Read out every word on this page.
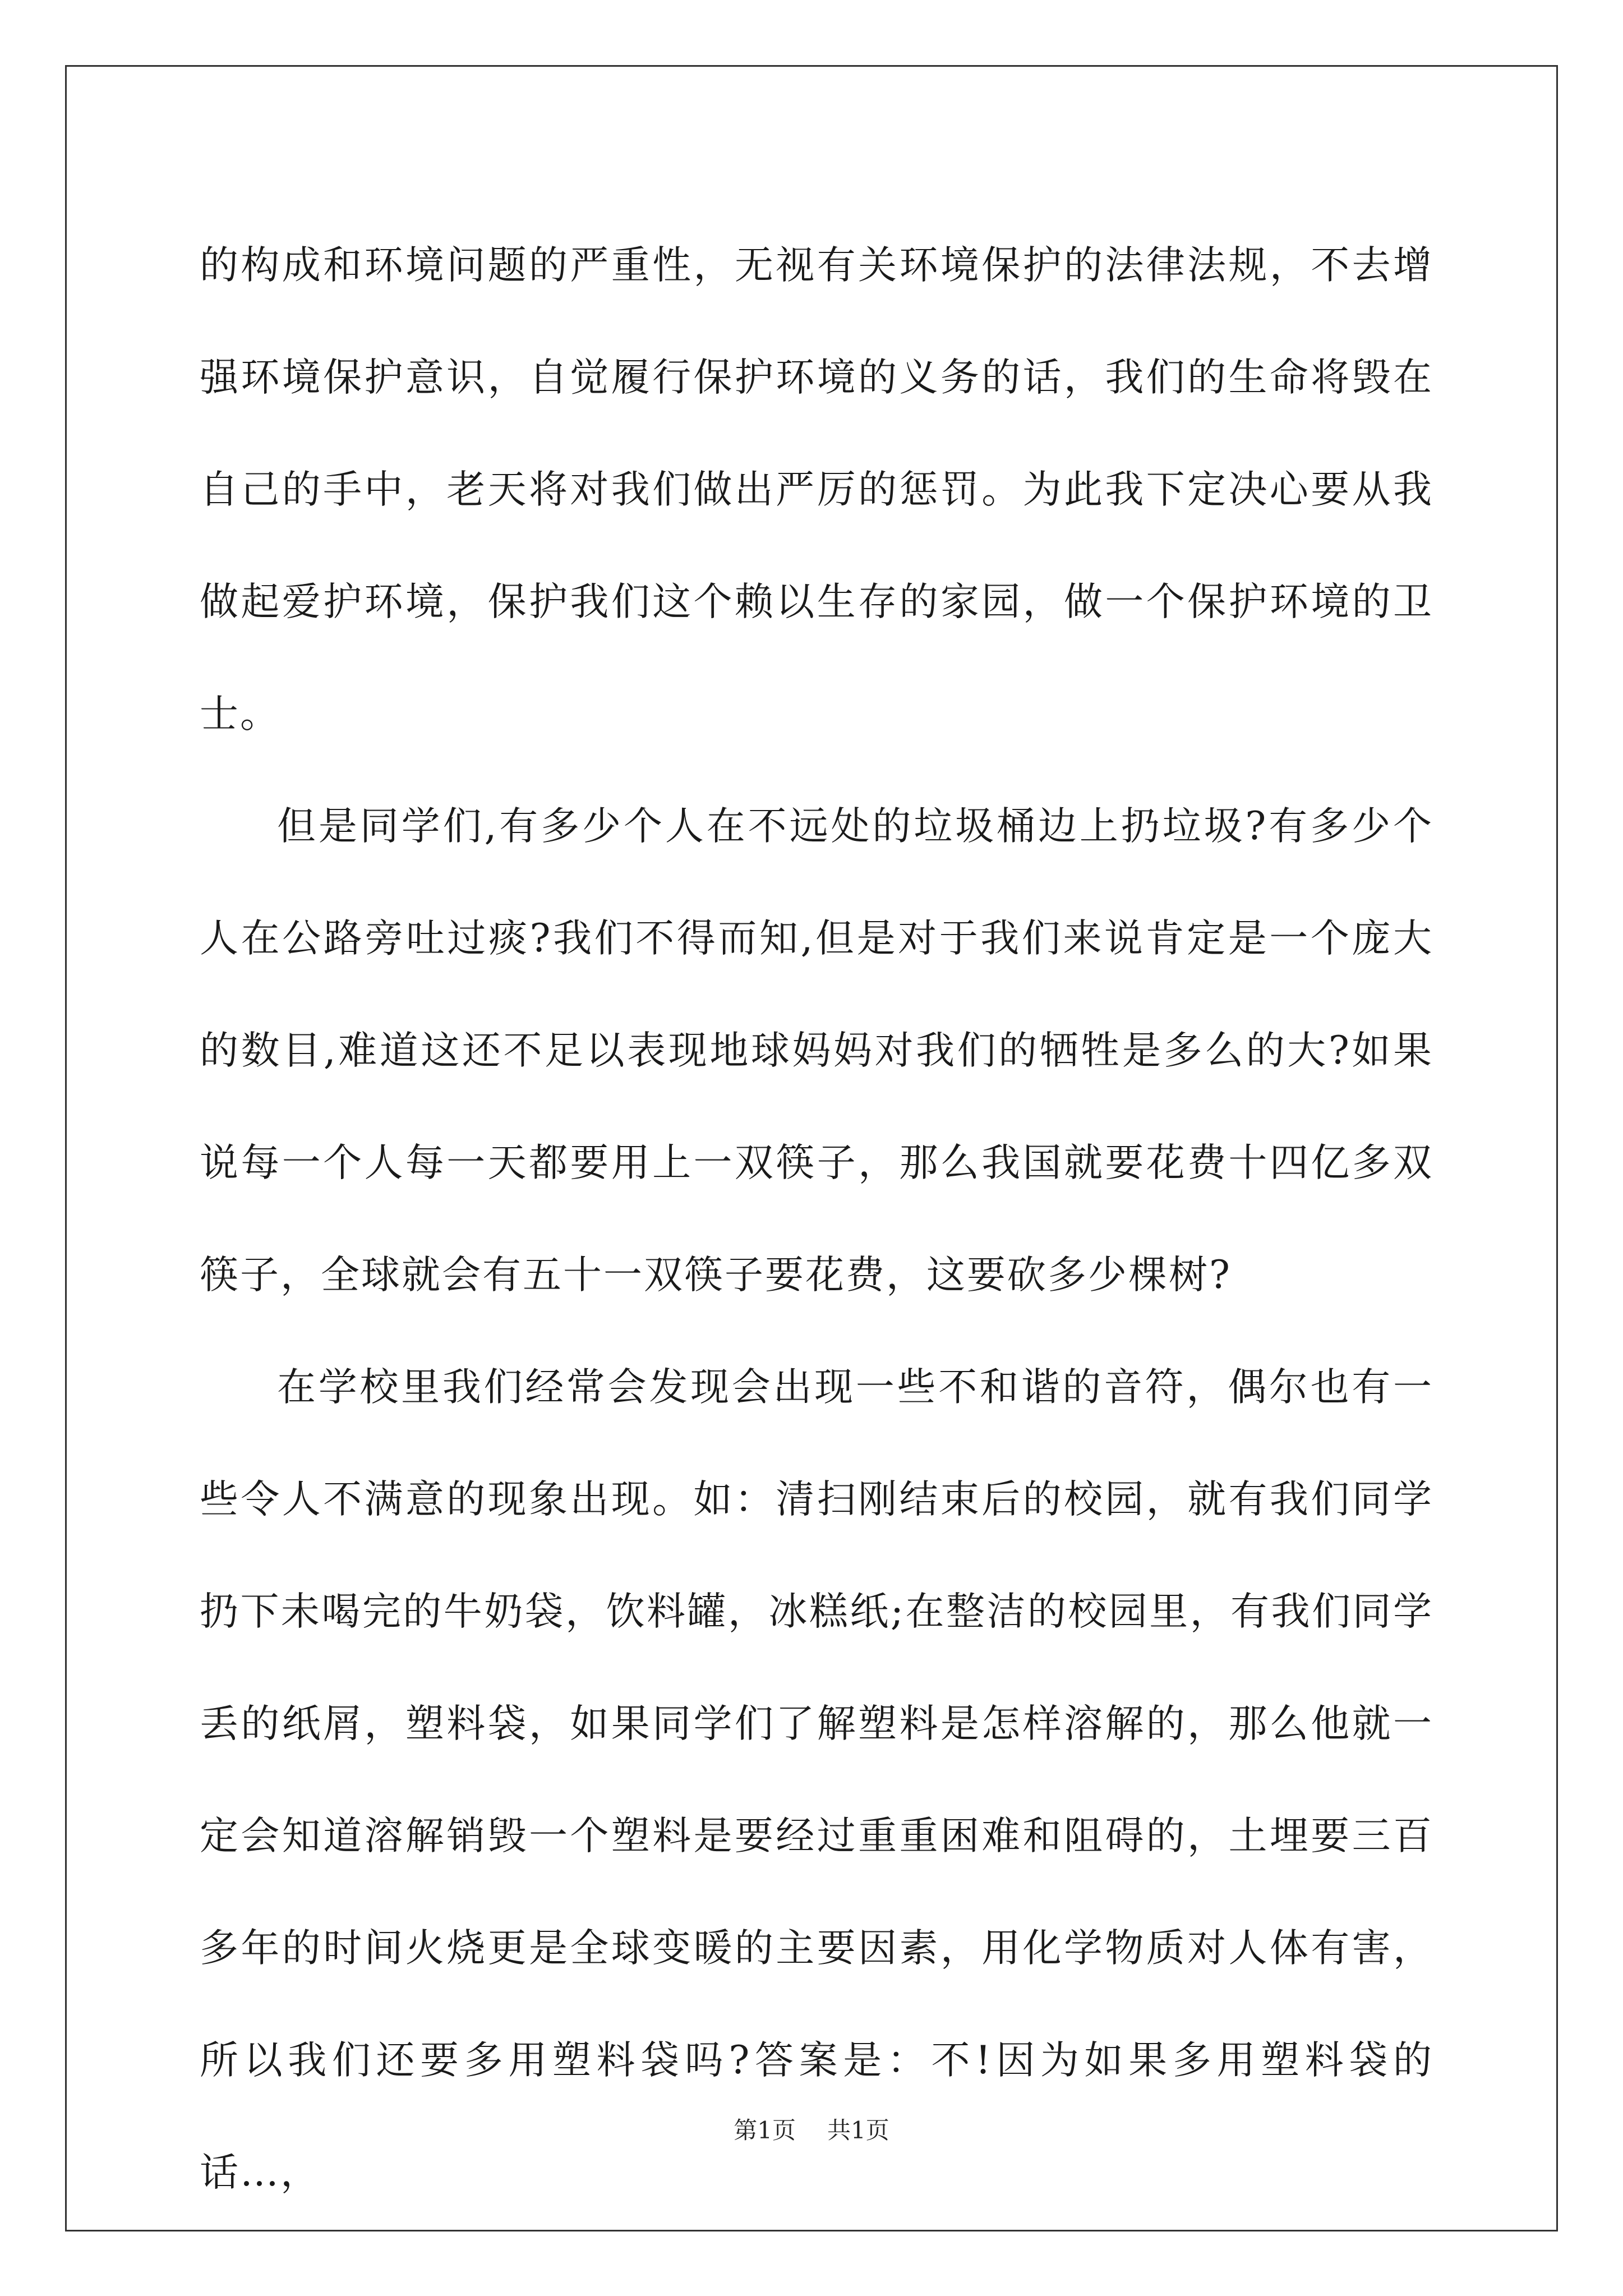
的构成和环境问题的严重性，无视有关环境保护的法律法规，不去增强环境保护意识，自觉履行保护环境的义务的话，我们的生命将毁在自己的手中，老天将对我们做出严厉的惩罚。为此我下定决心要从我做起爱护环境，保护我们这个赖以生存的家园，做一个保护环境的卫士。

但是同学们,有多少个人在不远处的垃圾桶边上扔垃圾?有多少个人在公路旁吐过痰?我们不得而知,但是对于我们来说肯定是一个庞大的数目,难道这还不足以表现地球妈妈对我们的牺牲是多么的大?如果说每一个人每一天都要用上一双筷子，那么我国就要花费十四亿多双筷子，全球就会有五十一双筷子要花费，这要砍多少棵树?

在学校里我们经常会发现会出现一些不和谐的音符，偶尔也有一些令人不满意的现象出现。如：清扫刚结束后的校园，就有我们同学扔下未喝完的牛奶袋，饮料罐，冰糕纸;在整洁的校园里，有我们同学丢的纸屑，塑料袋，如果同学们了解塑料是怎样溶解的，那么他就一定会知道溶解销毁一个塑料是要经过重重困难和阻碍的，土埋要三百多年的时间火烧更是全球变暖的主要因素，用化学物质对人体有害，所以我们还要多用塑料袋吗?答案是：不!因为如果多用塑料袋的话…，

第1页 共1页
